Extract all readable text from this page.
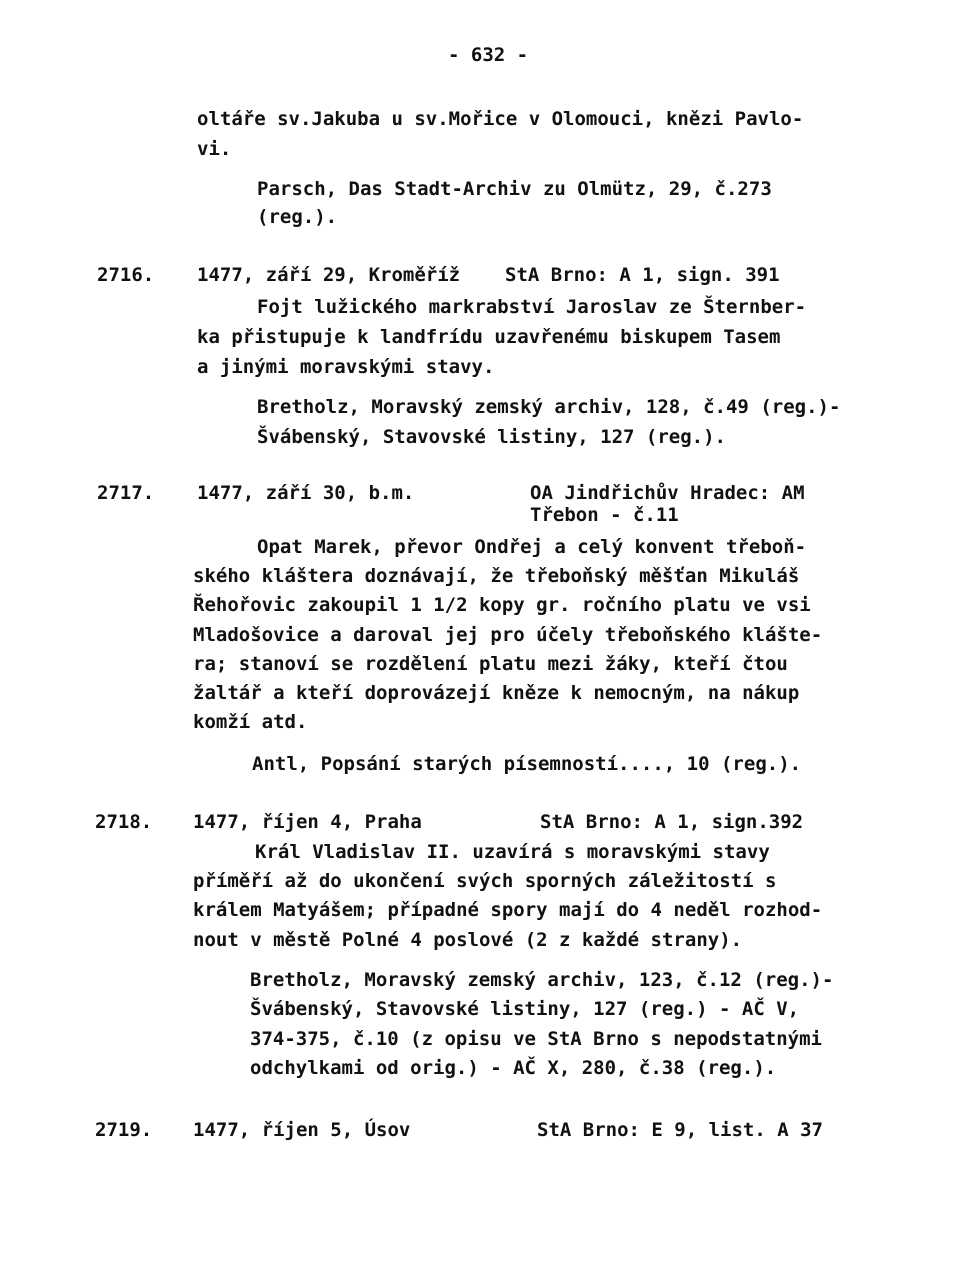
- 632 -
oltáře sv.Jakuba u sv.Mořice v Olomouci, knězi Pavlo-
vi.
Parsch, Das Stadt-Archiv zu Olmütz, 29, č.273
(reg.).
2716. 1477, září 29, Kroměříž StA Brno: A 1, sign. 391
Fojt lužického markrabství Jaroslav ze Šternber-
ka přistupuje k landfrídu uzavřenému biskupem Tasem
a jinými moravskými stavy.
Bretholz, Moravský zemský archiv, 128, č.49 (reg.)-
Švábenský, Stavovské listiny, 127 (reg.).
2717. 1477, září 30, b.m.	OA Jindřichův Hradec: AM
Třebon - č.11
Opat Marek, převor Ondřej a celý konvent třeboň-
ského kláštera doznávají, že třeboňský měšťan Mikuláš
Řehořovic zakoupil 1 1/2 kopy gr. ročního platu ve vsi
Mladošovice a daroval jej pro účely třeboňského klášte-
ra; stanoví se rozdělení platu mezi žáky, kteří čtou
žaltář a kteří doprovázejí kněze k nemocným, na nákup
komží atd.
Antl, Popsání starých písemností...., 10 (reg.).
2718. 1477, říjen 4, Praha	StA Brno: A 1, sign.392
Král Vladislav II. uzavírá s moravskými stavy
příměří až do ukončení svých sporných záležitostí s
králem Matyášem; případné spory mají do 4 neděl rozhod-
nout v městě Polné 4 poslové (2 z každé strany).
Bretholz, Moravský zemský archiv, 123, č.12 (reg.)-
Švábenský, Stavovské listiny, 127 (reg.) - AČ V,
374-375, č.10 (z opisu ve StA Brno s nepodstatnými
odchylkami od orig.) - AČ X, 280, č.38 (reg.).
2719. 1477, říjen 5, Úsov	StA Brno: E 9, list. A 37
